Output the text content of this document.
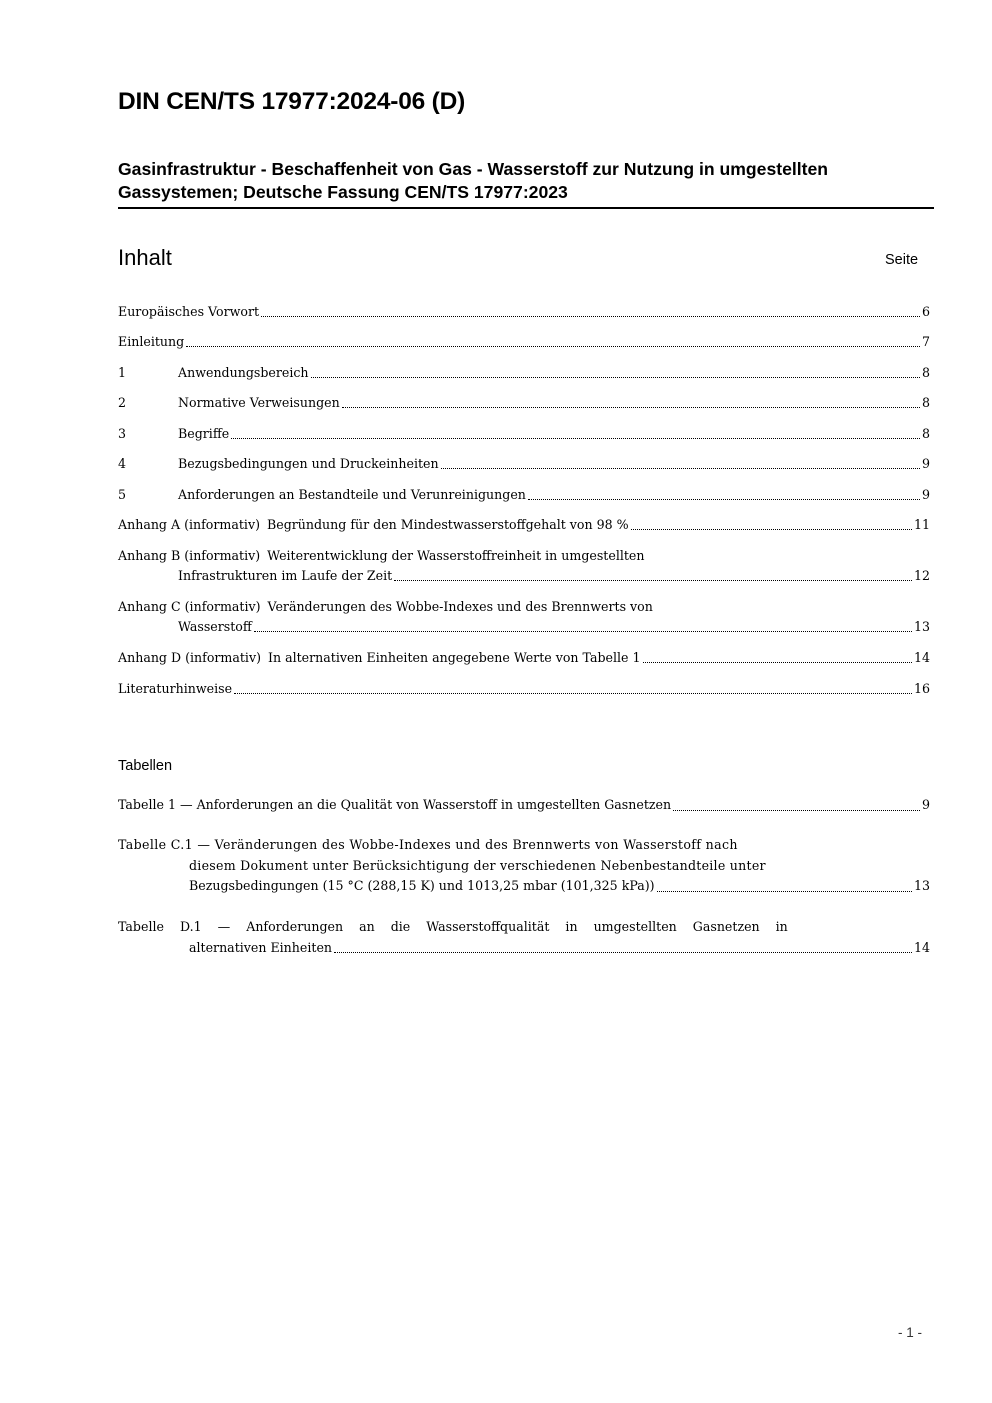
DIN CEN/TS 17977:2024-06 (D)
Gasinfrastruktur - Beschaffenheit von Gas - Wasserstoff zur Nutzung in umgestellten
Gassystemen; Deutsche Fassung CEN/TS 17977:2023
Inhalt	Seite
Europäisches Vorwort	6
Einleitung	7
1	Anwendungsbereich	8
2	Normative Verweisungen	8
3	Begriffe	8
4	Bezugsbedingungen und Druckeinheiten	9
5	Anforderungen an Bestandteile und Verunreinigungen	9
Anhang A (informativ) Begründung für den Mindestwasserstoffgehalt von 98 %	11
Anhang B (informativ) Weiterentwicklung der Wasserstoffreinheit in umgestellten
Infrastrukturen im Laufe der Zeit	12
Anhang C (informativ) Veränderungen des Wobbe-Indexes und des Brennwerts von
Wasserstoff	13
Anhang D (informativ) In alternativen Einheiten angegebene Werte von Tabelle 1	14
Literaturhinweise	16
Tabellen
Tabelle 1 — Anforderungen an die Qualität von Wasserstoff in umgestellten Gasnetzen	9
Tabelle C.1 — Veränderungen des Wobbe-Indexes und des Brennwerts von Wasserstoff nach
diesem Dokument unter Berücksichtigung der verschiedenen Nebenbestandteile unter
Bezugsbedingungen (15 °C (288,15 K) und 1013,25 mbar (101,325 kPa))	13
Tabelle D.1 — Anforderungen an die Wasserstoffqualität in umgestellten Gasnetzen in
alternativen Einheiten	14
- 1 -
